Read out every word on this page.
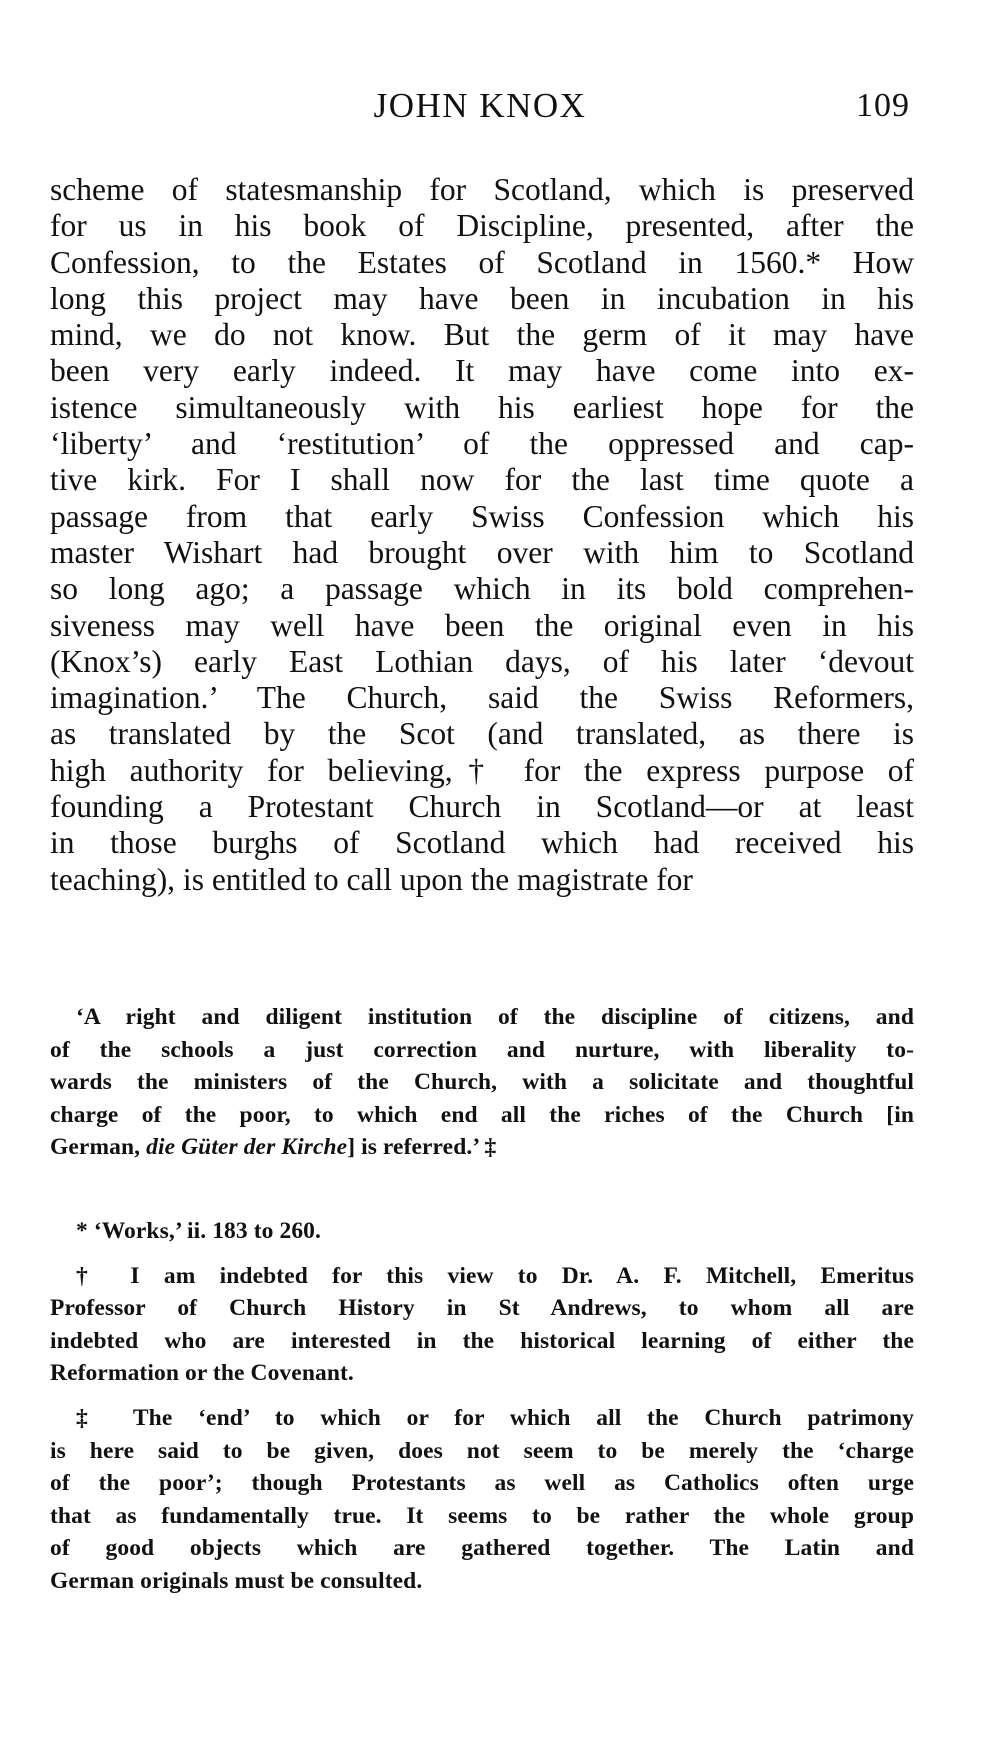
JOHN KNOX	109
scheme of statesmanship for Scotland, which is preserved
for us in his book of Discipline, presented, after the
Confession, to the Estates of Scotland in 1560.* How
long this project may have been in incubation in his
mind, we do not know. But the germ of it may have
been very early indeed. It may have come into ex-
istence simultaneously with his earliest hope for the
‘liberty’ and ‘restitution’ of the oppressed and cap-
tive kirk. For I shall now for the last time quote a
passage from that early Swiss Confession which his
master Wishart had brought over with him to Scotland
so long ago; a passage which in its bold comprehen-
siveness may well have been the original even in his
(Knox’s) early East Lothian days, of his later ‘devout
imagination.’ The Church, said the Swiss Reformers,
as translated by the Scot (and translated, as there is
high authority for believing,† for the express purpose of
founding a Protestant Church in Scotland—or at least
in those burghs of Scotland which had received his
teaching), is entitled to call upon the magistrate for
‘A right and diligent institution of the discipline of citizens, and
of the schools a just correction and nurture, with liberality to-
wards the ministers of the Church, with a solicitate and thoughtful
charge of the poor, to which end all the riches of the Church [in
German, die Güter der Kirche] is referred.’ ‡
* ‘Works,’ ii. 183 to 260.
† I am indebted for this view to Dr. A. F. Mitchell, Emeritus
Professor of Church History in St Andrews, to whom all are
indebted who are interested in the historical learning of either the
Reformation or the Covenant.
‡ The ‘end’ to which or for which all the Church patrimony
is here said to be given, does not seem to be merely the ‘charge
of the poor’; though Protestants as well as Catholics often urge
that as fundamentally true. It seems to be rather the whole group
of good objects which are gathered together. The Latin and
German originals must be consulted.
